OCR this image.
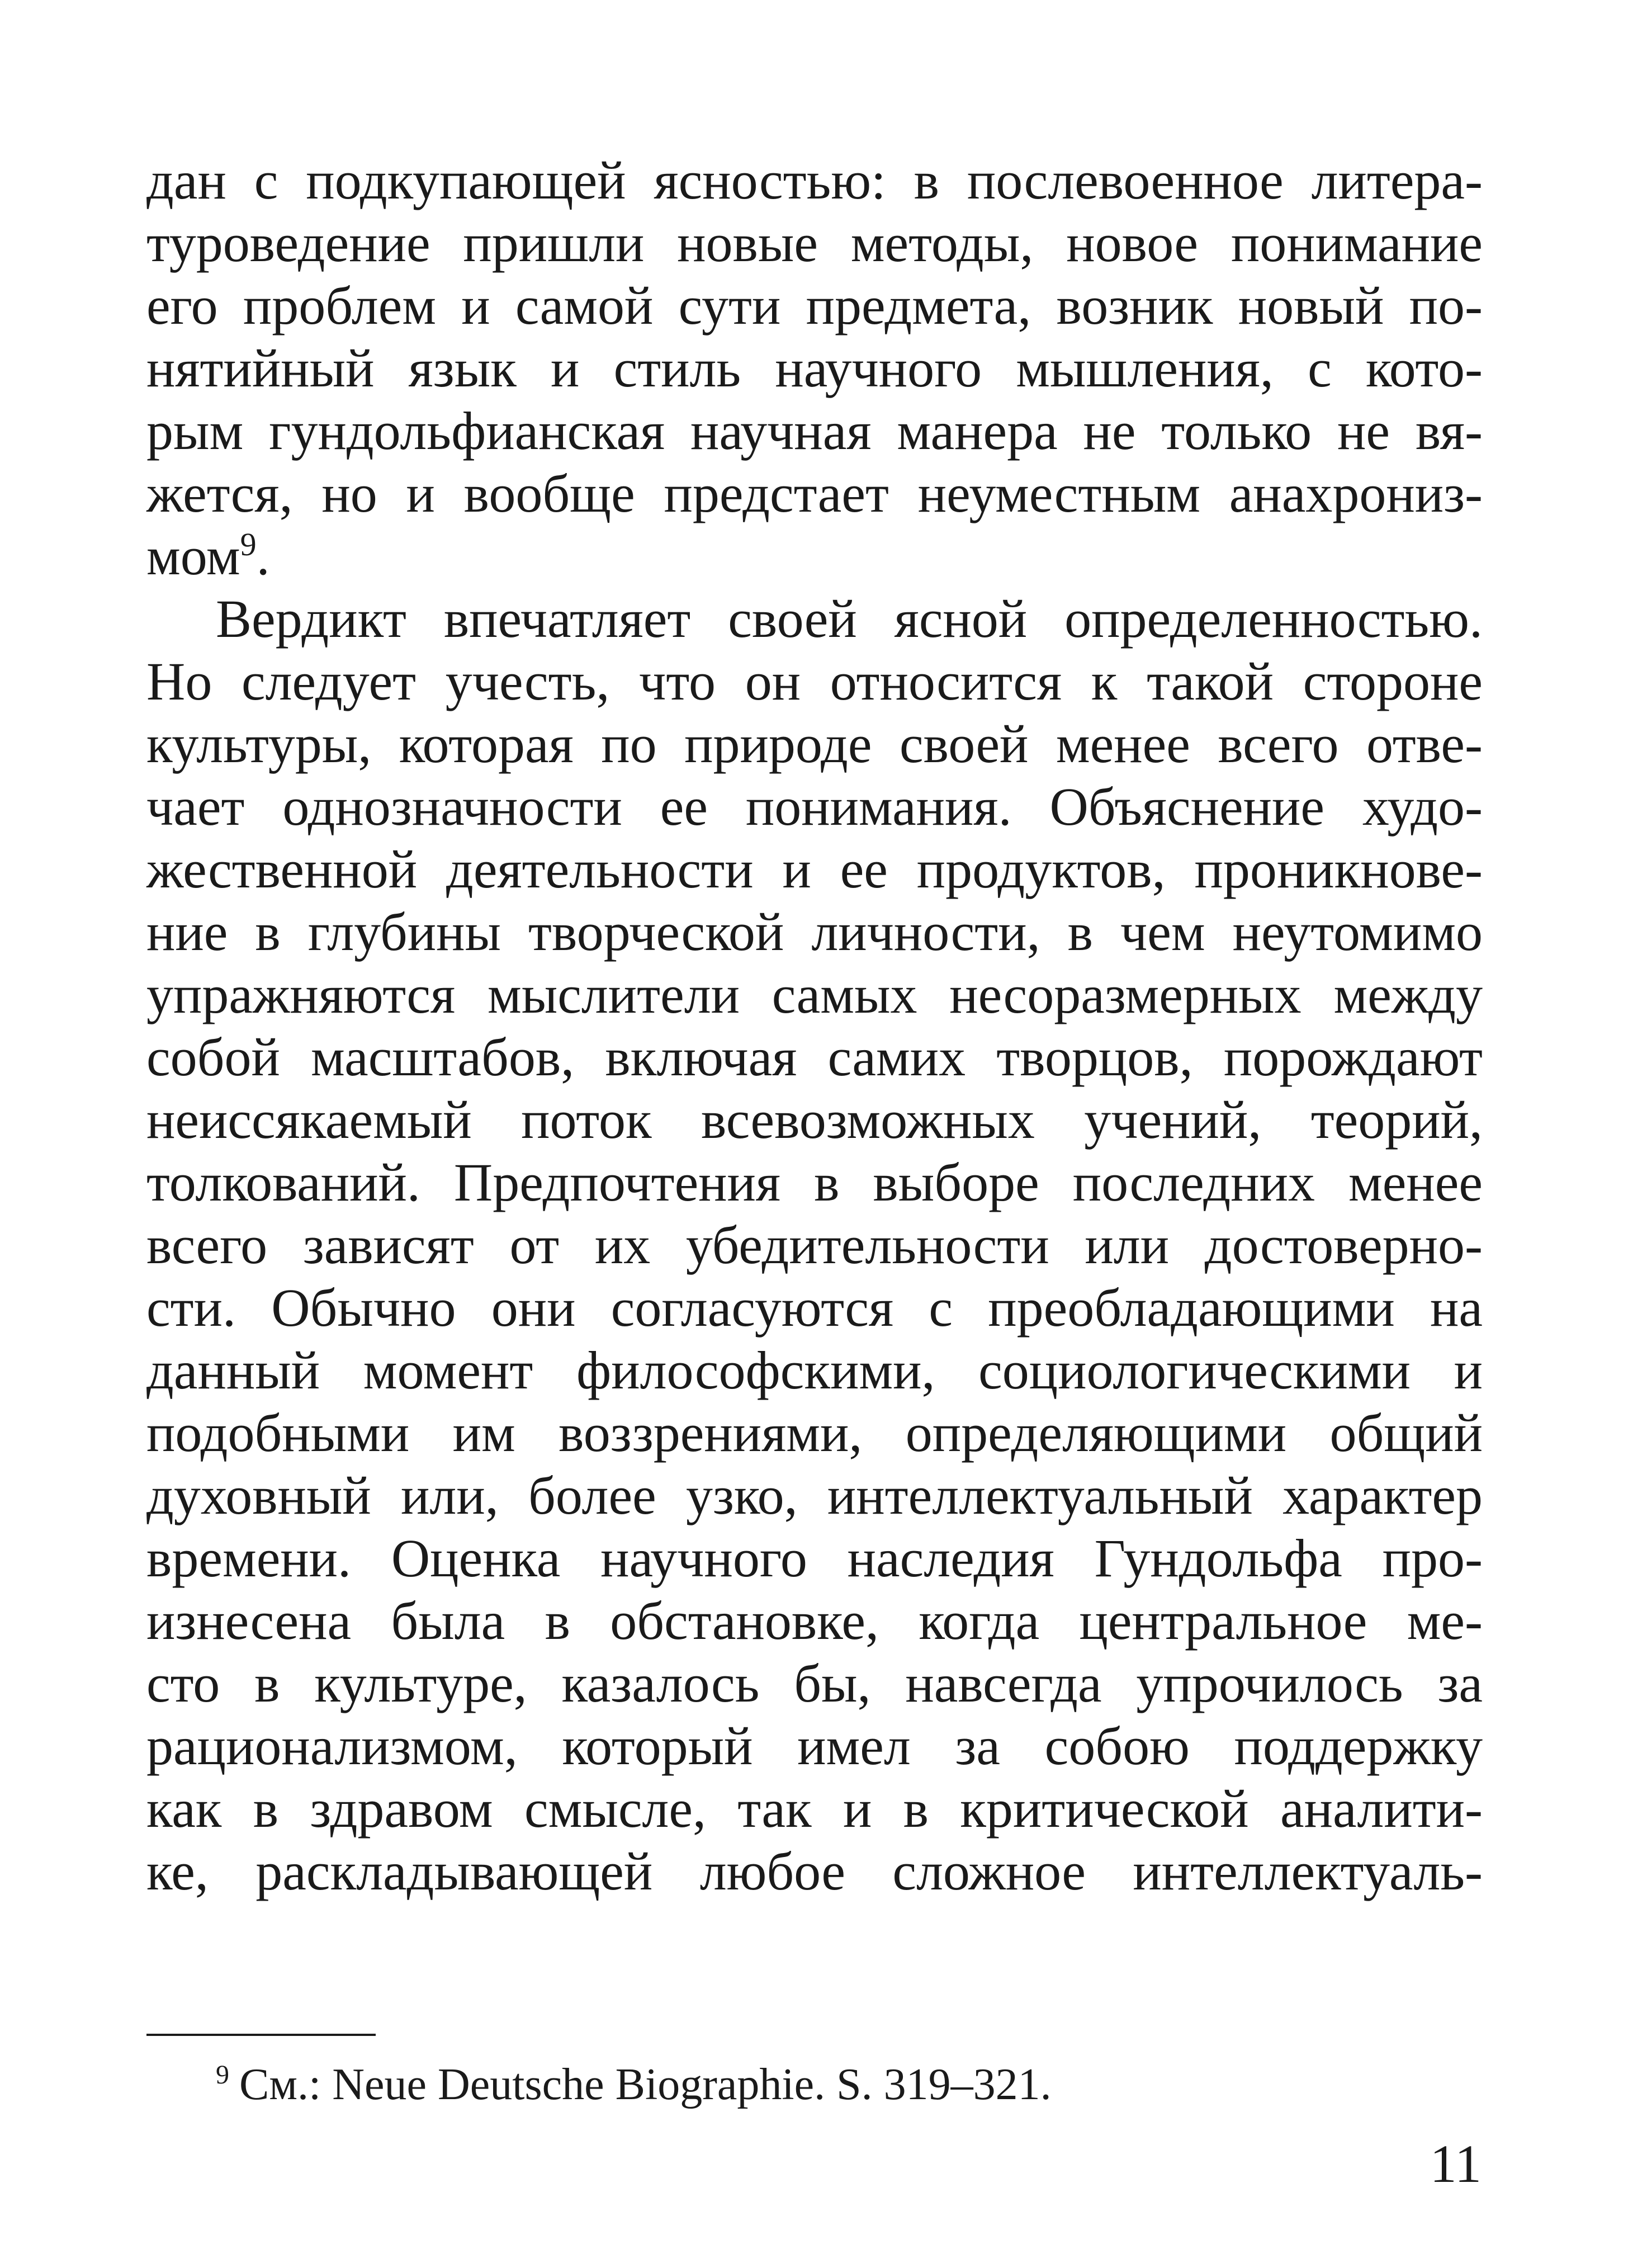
дан с подкупающей ясностью: в послевоенное литера-
туроведение пришли новые методы, новое понимание
его проблем и самой сути предмета, возник новый по-
нятийный язык и стиль научного мышления, с кото-
рым гундольфианская научная манера не только не вя-
жется, но и вообще предстает неуместным анахрониз-
мом$^9$.
Вердикт впечатляет своей ясной определенностью.
Но следует учесть, что он относится к такой стороне
культуры, которая по природе своей менее всего отве-
чает однозначности ее понимания. Объяснение худо-
жественной деятельности и ее продуктов, проникнове-
ние в глубины творческой личности, в чем неутомимо
упражняются мыслители самых несоразмерных между
собой масштабов, включая самих творцов, порождают
неиссякаемый поток всевозможных учений, теорий,
толкований. Предпочтения в выборе последних менее
всего зависят от их убедительности или достоверно-
сти. Обычно они согласуются с преобладающими на
данный момент философскими, социологическими и
подобными им воззрениями, определяющими общий
духовный или, более узко, интеллектуальный характер
времени. Оценка научного наследия Гундольфа про-
изнесена была в обстановке, когда центральное ме-
сто в культуре, казалось бы, навсегда упрочилось за
рационализмом, который имел за собою поддержку
как в здравом смысле, так и в критической аналити-
ке, раскладывающей любое сложное интеллектуаль-
$^9$ См.: Neue Deutsche Biographie. S. 319–321.
11
